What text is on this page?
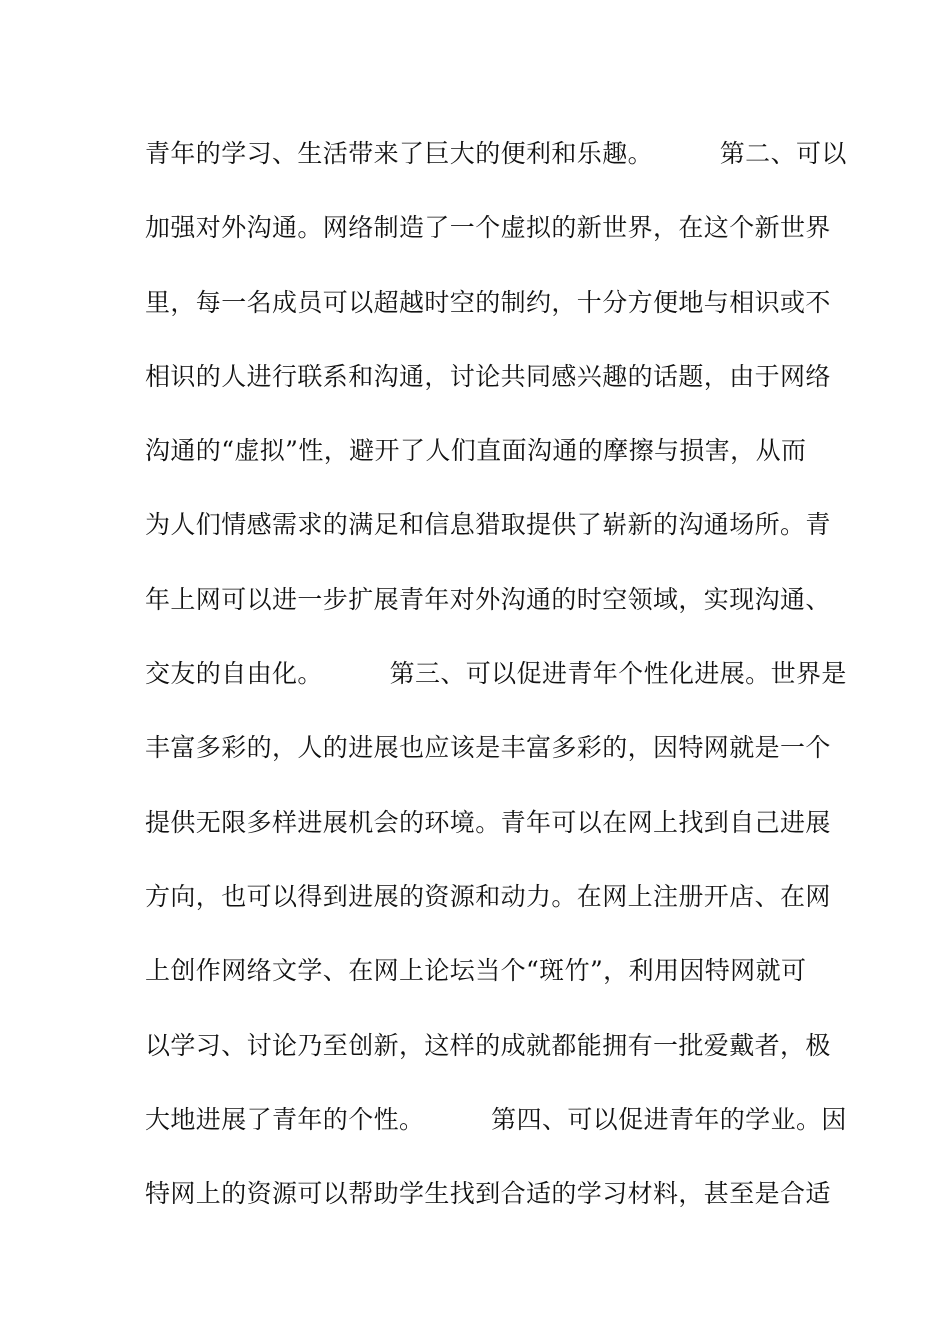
青年的学习、生活带来了巨大的便利和乐趣。        第二、可以
加强对外沟通。网络制造了一个虚拟的新世界，在这个新世界
里，每一名成员可以超越时空的制约，十分方便地与相识或不
相识的人进行联系和沟通，讨论共同感兴趣的话题，由于网络
沟通的“虚拟”性，避开了人们直面沟通的摩擦与损害，从而
为人们情感需求的满足和信息猎取提供了崭新的沟通场所。青
年上网可以进一步扩展青年对外沟通的时空领域，实现沟通、
交友的自由化。        第三、可以促进青年个性化进展。世界是
丰富多彩的，人的进展也应该是丰富多彩的，因特网就是一个
提供无限多样进展机会的环境。青年可以在网上找到自己进展
方向，也可以得到进展的资源和动力。在网上注册开店、在网
上创作网络文学、在网上论坛当个“斑竹”，利用因特网就可
以学习、讨论乃至创新，这样的成就都能拥有一批爱戴者，极
大地进展了青年的个性。        第四、可以促进青年的学业。因
特网上的资源可以帮助学生找到合适的学习材料，甚至是合适
